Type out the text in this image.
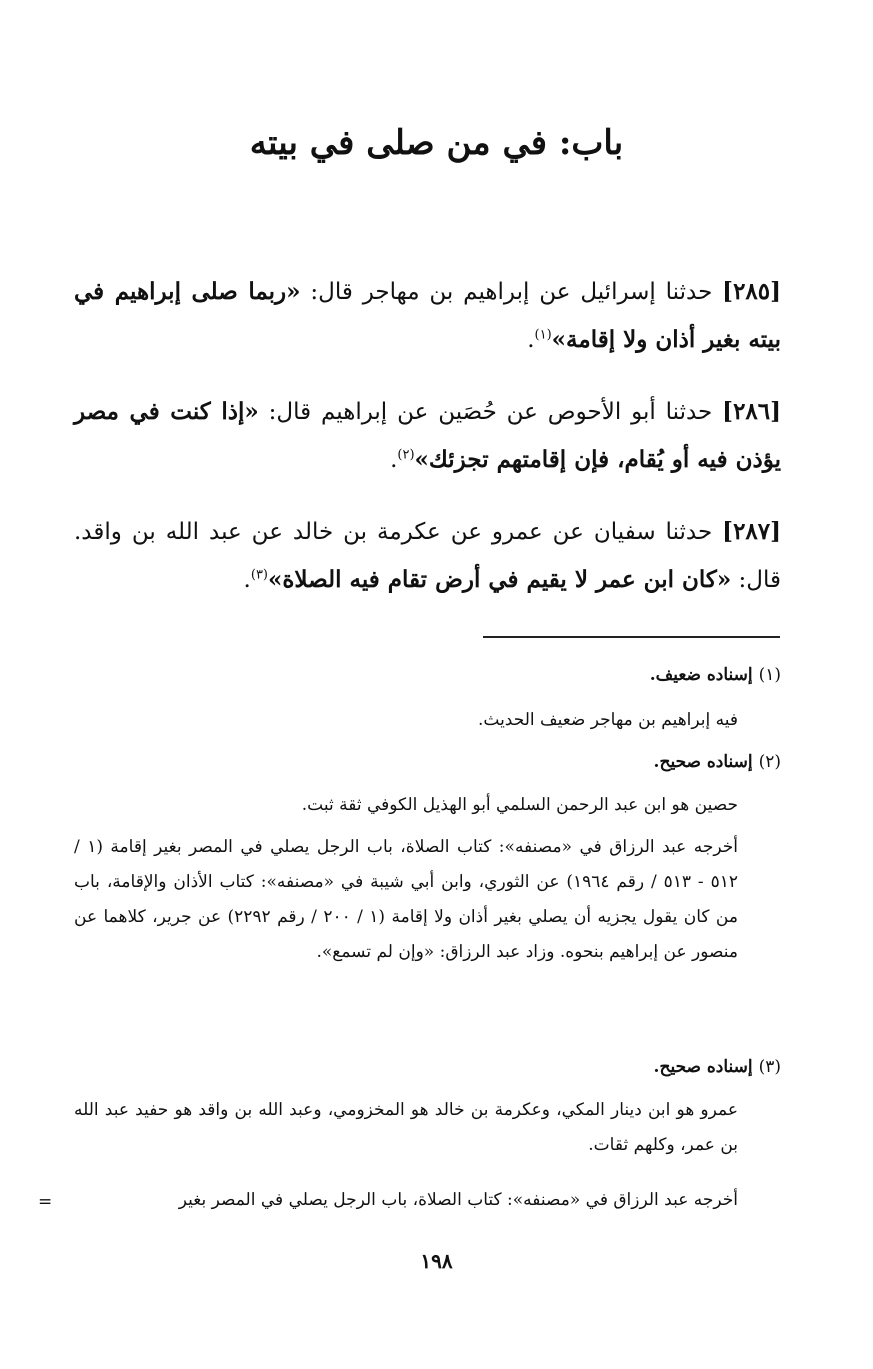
باب: في من صلى في بيته

[٢٨٥] حدثنا إسرائيل عن إبراهيم بن مهاجر قال: «ربما صلى إبراهيم في بيته بغير أذان ولا إقامة»$^{(١)}$.

[٢٨٦] حدثنا أبو الأحوص عن حُصَين عن إبراهيم قال: «إذا كنت في مصر يؤذن فيه أو يُقام، فإن إقامتهم تجزئك»$^{(٢)}$.

[٢٨٧] حدثنا سفيان عن عمرو عن عكرمة بن خالد عن عبد الله بن واقد. قال: «كان ابن عمر لا يقيم في أرض تقام فيه الصلاة»$^{(٣)}$.

(١) إسناده ضعيف.

فيه إبراهيم بن مهاجر ضعيف الحديث.

(٢) إسناده صحيح.

حصين هو ابن عبد الرحمن السلمي أبو الهذيل الكوفي ثقة ثبت.

أخرجه عبد الرزاق في «مصنفه»: كتاب الصلاة، باب الرجل يصلي في المصر بغير إقامة (١ / ٥١٢ - ٥١٣ / رقم ١٩٦٤) عن الثوري، وابن أبي شيبة في «مصنفه»: كتاب الأذان والإقامة، باب من كان يقول يجزيه أن يصلي بغير أذان ولا إقامة (١ / ٢٠٠ / رقم ٢٢٩٢) عن جرير، كلاهما عن منصور عن إبراهيم بنحوه. وزاد عبد الرزاق: «وإن لم تسمع».

(٣) إسناده صحيح.

عمرو هو ابن دينار المكي، وعكرمة بن خالد هو المخزومي، وعبد الله بن واقد هو حفيد عبد الله بن عمر، وكلهم ثقات.

أخرجه عبد الرزاق في «مصنفه»: كتاب الصلاة، باب الرجل يصلي في المصر بغير

=

١٩٨
